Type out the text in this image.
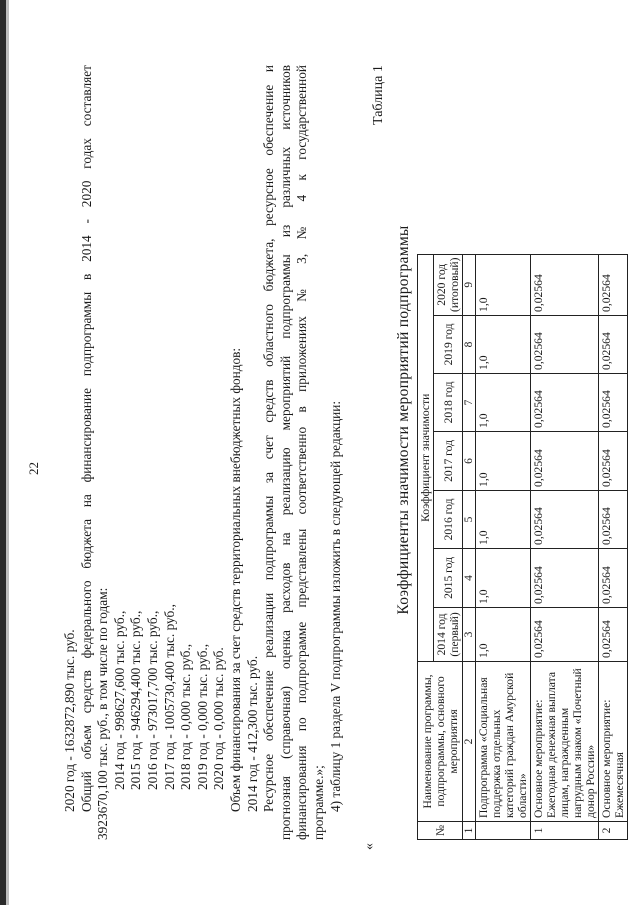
22

2020 год - 1632872,890 тыс. руб. Общий объем средств федерального бюджета на финансирование подпрограммы в 2014 - 2020 годах составляет 3923670,100 тыс. руб., в том числе по годам: 2014 год - 998627,600 тыс. руб., 2015 год - 946294,400 тыс. руб., 2016 год - 973017,700 тыс. руб., 2017 год - 1005730,400 тыс. руб., 2018 год - 0,000 тыс. руб., 2019 год - 0,000 тыс. руб., 2020 год - 0,000 тыс. руб. Объем финансирования за счет средств территориальных внебюджетных фондов: 2014 год - 412,300 тыс. руб. Ресурсное обеспечение реализации подпрограммы за счет средств областного бюджета, ресурсное обеспечение и прогнозная (справочная) оценка расходов на реализацию мероприятий подпрограммы из различных источников финансирования по подпрограмме представлены соответственно в приложениях № 3, № 4 к государственной программе.»; 4) таблицу 1 раздела V подпрограммы изложить в следующей редакции:

«
Таблица 1
Коэффициенты значимости мероприятий подпрограммы
№	Наименование программы, подпрограммы, основного мероприятия	Коэффициент значимости						
		2014 год (первый)	2015 год	2016 год	2017 год	2018 год	2019 год	2020 год (итоговый)
1	2	3	4	5	6	7	8	9
	Подпрограмма «Социальная поддержка отдельных категорий граждан Амурской области»	1,0	1,0	1,0	1,0	1,0	1,0	1,0
1	Основное мероприятие: Ежегодная денежная выплата лицам, награжденным нагрудным знаком «Почетный донор России»	0,02564	0,02564	0,02564	0,02564	0,02564	0,02564	0,02564
2	Основное мероприятие: Ежемесячная	0,02564	0,02564	0,02564	0,02564	0,02564	0,02564	0,02564
